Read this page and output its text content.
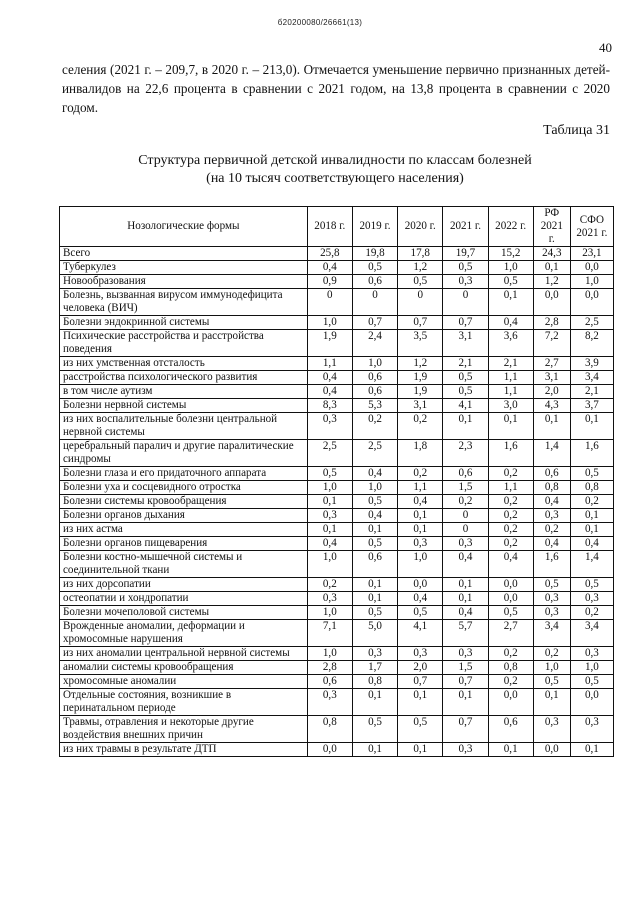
б20200080/26661(13)
40
селения (2021 г. – 209,7, в 2020 г. – 213,0). Отмечается уменьшение первично признанных детей-инвалидов на 22,6 процента в сравнении с 2021 годом, на 13,8 процента в сравнении с 2020 годом.
Таблица 31
Структура первичной детской инвалидности по классам болезней
(на 10 тысяч соответствующего населения)
Нозологические формы	2018 г.	2019 г.	2020 г.	2021 г.	2022 г.	РФ 2021 г.	СФО 2021 г.
Всего	25,8	19,8	17,8	19,7	15,2	24,3	23,1
Туберкулез	0,4	0,5	1,2	0,5	1,0	0,1	0,0
Новообразования	0,9	0,6	0,5	0,3	0,5	1,2	1,0
Болезнь, вызванная вирусом иммунодефицита человека (ВИЧ)	0	0	0	0	0,1	0,0	0,0
Болезни эндокринной системы	1,0	0,7	0,7	0,7	0,4	2,8	2,5
Психические расстройства и расстройства поведения	1,9	2,4	3,5	3,1	3,6	7,2	8,2
из них умственная отсталость	1,1	1,0	1,2	2,1	2,1	2,7	3,9
расстройства психологического развития	0,4	0,6	1,9	0,5	1,1	3,1	3,4
в том числе аутизм	0,4	0,6	1,9	0,5	1,1	2,0	2,1
Болезни нервной системы	8,3	5,3	3,1	4,1	3,0	4,3	3,7
из них воспалительные болезни центральной нервной системы	0,3	0,2	0,2	0,1	0,1	0,1	0,1
церебральный паралич и другие паралитические синдромы	2,5	2,5	1,8	2,3	1,6	1,4	1,6
Болезни глаза и его придаточного аппарата	0,5	0,4	0,2	0,6	0,2	0,6	0,5
Болезни уха и сосцевидного отростка	1,0	1,0	1,1	1,5	1,1	0,8	0,8
Болезни системы кровообращения	0,1	0,5	0,4	0,2	0,2	0,4	0,2
Болезни органов дыхания	0,3	0,4	0,1	0	0,2	0,3	0,1
из них астма	0,1	0,1	0,1	0	0,2	0,2	0,1
Болезни органов пищеварения	0,4	0,5	0,3	0,3	0,2	0,4	0,4
Болезни костно-мышечной системы и соединительной ткани	1,0	0,6	1,0	0,4	0,4	1,6	1,4
из них дорсопатии	0,2	0,1	0,0	0,1	0,0	0,5	0,5
остеопатии и хондропатии	0,3	0,1	0,4	0,1	0,0	0,3	0,3
Болезни мочеполовой системы	1,0	0,5	0,5	0,4	0,5	0,3	0,2
Врожденные аномалии, деформации и хромосомные нарушения	7,1	5,0	4,1	5,7	2,7	3,4	3,4
из них аномалии центральной нервной системы	1,0	0,3	0,3	0,3	0,2	0,2	0,3
аномалии системы кровообращения	2,8	1,7	2,0	1,5	0,8	1,0	1,0
хромосомные аномалии	0,6	0,8	0,7	0,7	0,2	0,5	0,5
Отдельные состояния, возникшие в перинатальном периоде	0,3	0,1	0,1	0,1	0,0	0,1	0,0
Травмы, отравления и некоторые другие воздействия внешних причин	0,8	0,5	0,5	0,7	0,6	0,3	0,3
из них травмы в результате ДТП	0,0	0,1	0,1	0,3	0,1	0,0	0,1
